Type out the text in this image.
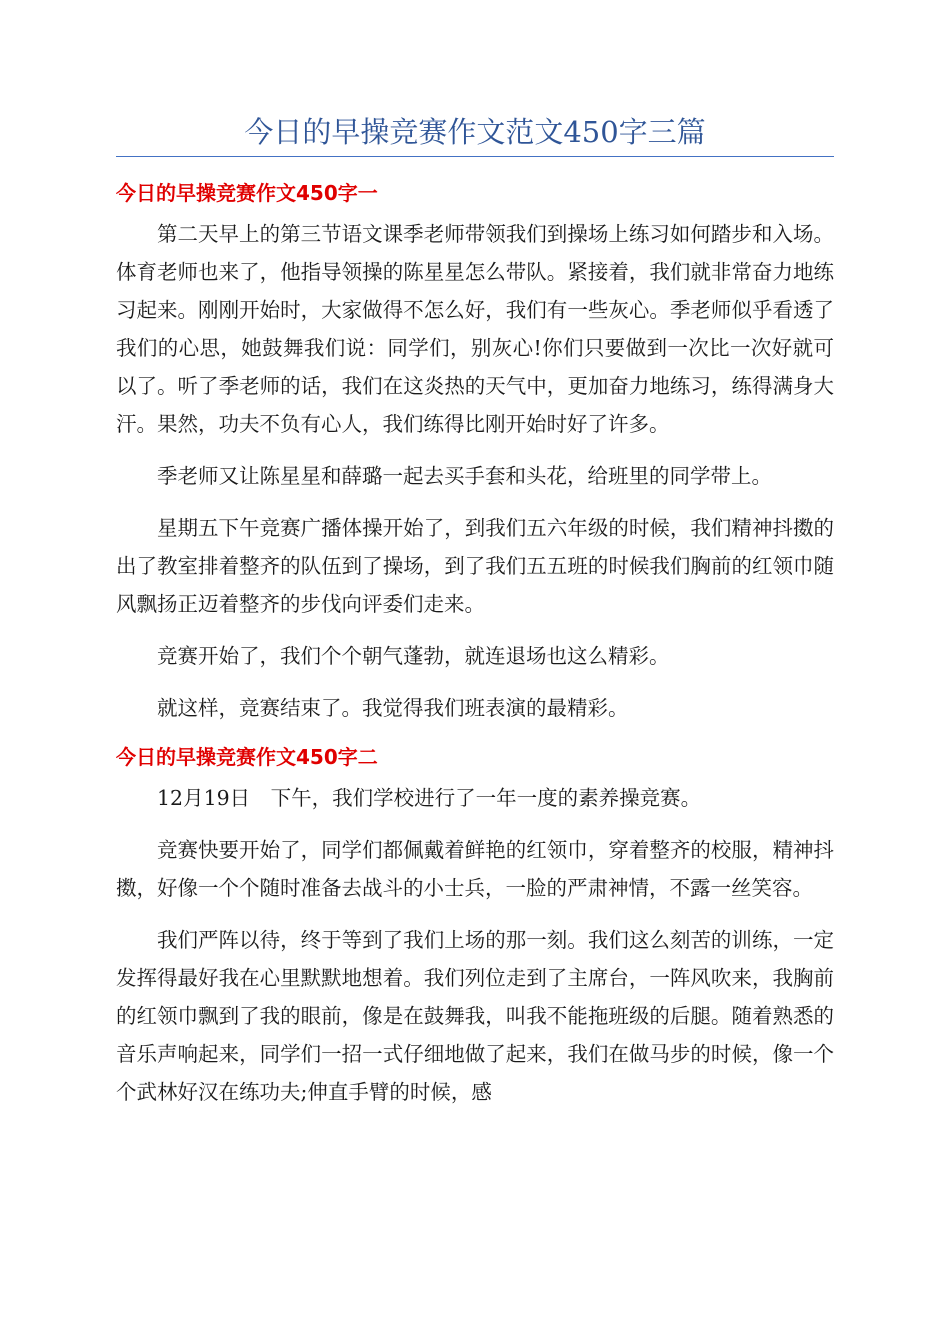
今日的早操竞赛作文范文450字三篇
今日的早操竞赛作文450字一

第二天早上的第三节语文课季老师带领我们到操场上练习如何踏步和入场。体育老师也来了，他指导领操的陈星星怎么带队。紧接着，我们就非常奋力地练习起来。刚刚开始时，大家做得不怎么好，我们有一些灰心。季老师似乎看透了我们的心思，她鼓舞我们说：同学们，别灰心!你们只要做到一次比一次好就可以了。听了季老师的话，我们在这炎热的天气中，更加奋力地练习，练得满身大汗。果然，功夫不负有心人，我们练得比刚开始时好了许多。

季老师又让陈星星和薛璐一起去买手套和头花，给班里的同学带上。

星期五下午竞赛广播体操开始了，到我们五六年级的时候，我们精神抖擞的出了教室排着整齐的队伍到了操场，到了我们五五班的时候我们胸前的红领巾随风飘扬正迈着整齐的步伐向评委们走来。

竞赛开始了，我们个个朝气蓬勃，就连退场也这么精彩。

就这样，竞赛结束了。我觉得我们班表演的最精彩。

今日的早操竞赛作文450字二

12月19日　下午，我们学校进行了一年一度的素养操竞赛。

竞赛快要开始了，同学们都佩戴着鲜艳的红领巾，穿着整齐的校服，精神抖擞，好像一个个随时准备去战斗的小士兵，一脸的严肃神情，不露一丝笑容。

我们严阵以待，终于等到了我们上场的那一刻。我们这么刻苦的训练，一定发挥得最好我在心里默默地想着。我们列位走到了主席台，一阵风吹来，我胸前的红领巾飘到了我的眼前，像是在鼓舞我，叫我不能拖班级的后腿。随着熟悉的音乐声响起来，同学们一招一式仔细地做了起来，我们在做马步的时候，像一个个武林好汉在练功夫;伸直手臂的时候，感
